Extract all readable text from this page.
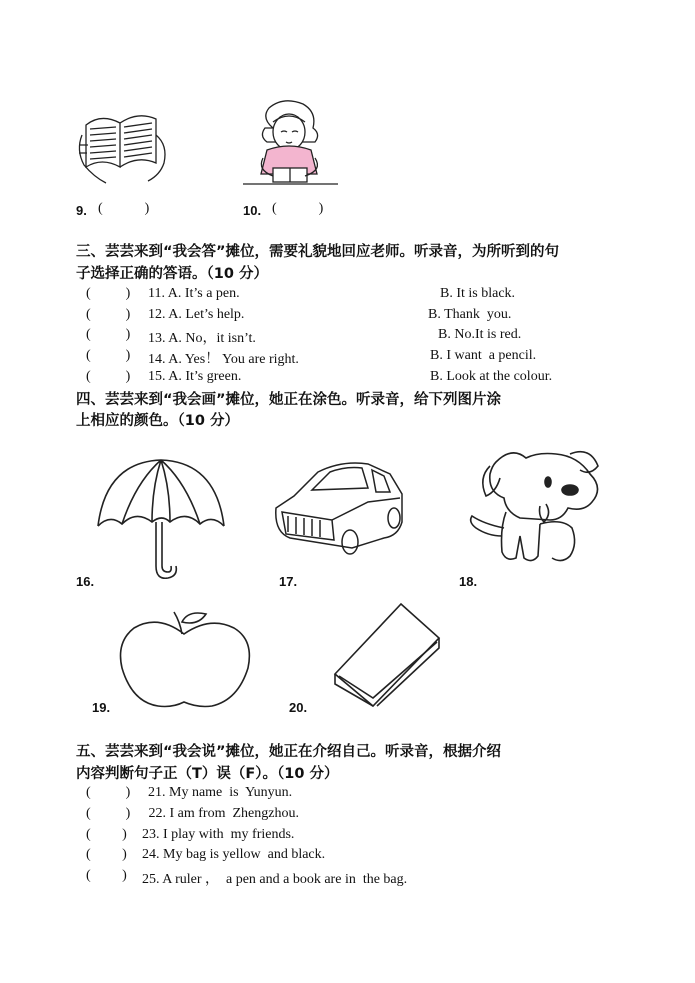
9. (            )	10. (            )
三、芸芸来到“我会答”摊位，需要礼貌地回应老师。听录音，为所听到的句
子选择正确的答语。（10 分）
(          ) 11. A. It’s a pen.	B. It is black.
(          ) 12. A. Let’s help.	B. Thank  you.
(          ) 13. A. No，it isn’t.	B. No.It is red.
(          ) 14. A. Yes！ You are right.	B. I want  a pencil.
(          ) 15. A. It’s green.	B. Look at the colour.
四、芸芸来到“我会画”摊位，她正在涂色。听录音，给下列图片涂
上相应的颜色。（10 分）
16.	17.	18.
19.	20.
五、芸芸来到“我会说”摊位，她正在介绍自己。听录音，根据介绍
内容判断句子正（T）误（F）。（10 分）
(          ) 21. My name  is  Yunyun.
(          ) 22. I am from  Zhengzhou.
(         ) 23. I play with  my friends.
(         ) 24. My bag is yellow  and black.
(         ) 25. A ruler ，  a pen and a book are in  the bag.
